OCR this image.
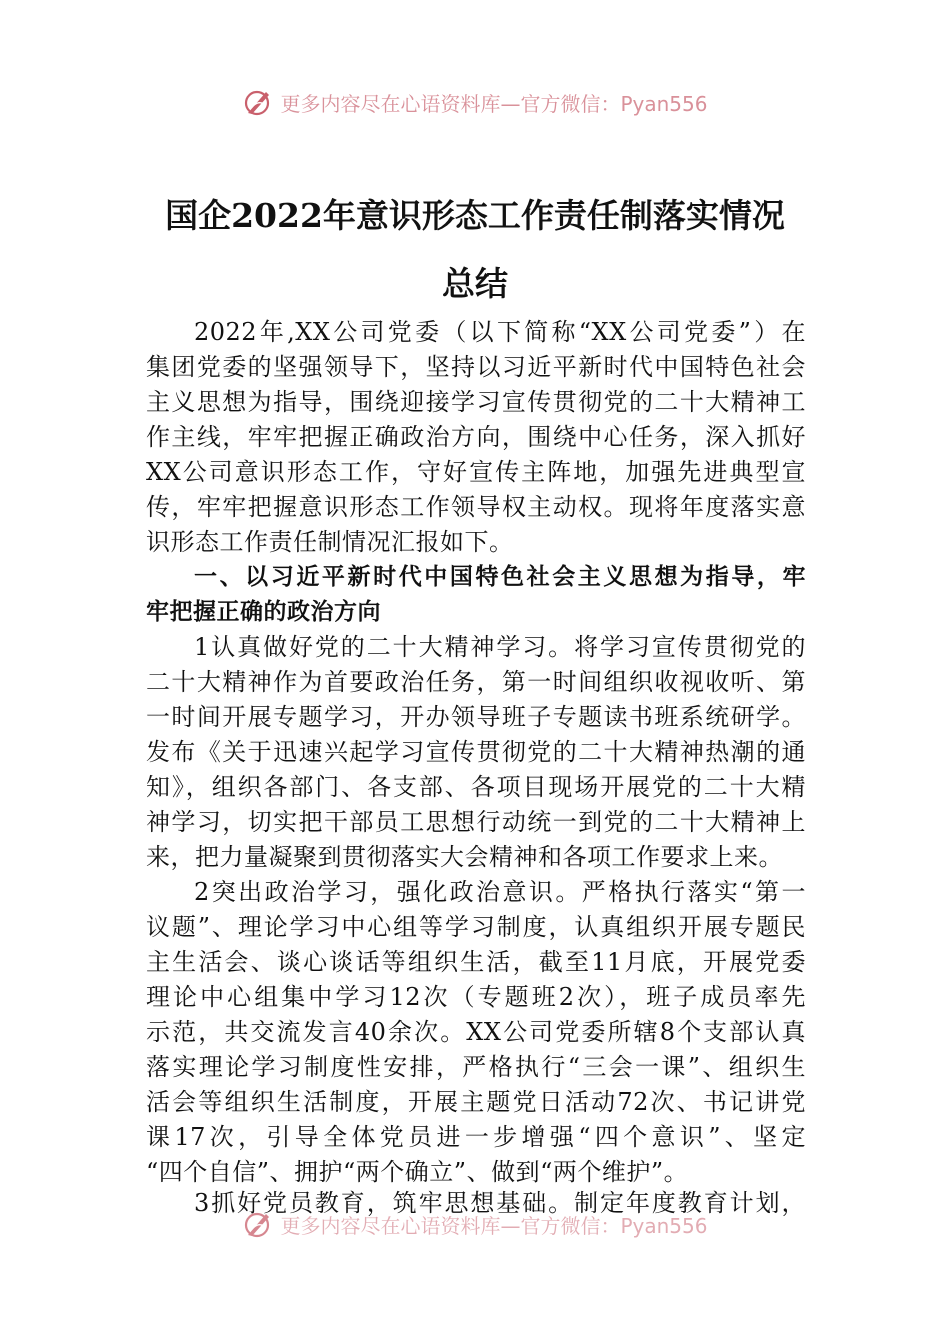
更多内容尽在心语资料库—官方微信：Pyan556
国企2022年意识形态工作责任制落实情况
总结
2022年,XX公司党委（以下简称“XX公司党委”）在
集团党委的坚强领导下，坚持以习近平新时代中国特色社会
主义思想为指导，围绕迎接学习宣传贯彻党的二十大精神工
作主线，牢牢把握正确政治方向，围绕中心任务，深入抓好
XX公司意识形态工作，守好宣传主阵地，加强先进典型宣
传，牢牢把握意识形态工作领导权主动权。现将年度落实意
识形态工作责任制情况汇报如下。
一、以习近平新时代中国特色社会主义思想为指导，牢
牢把握正确的政治方向
1认真做好党的二十大精神学习。将学习宣传贯彻党的
二十大精神作为首要政治任务，第一时间组织收视收听、第
一时间开展专题学习，开办领导班子专题读书班系统研学。
发布《关于迅速兴起学习宣传贯彻党的二十大精神热潮的通
知》，组织各部门、各支部、各项目现场开展党的二十大精
神学习，切实把干部员工思想行动统一到党的二十大精神上
来，把力量凝聚到贯彻落实大会精神和各项工作要求上来。
2突出政治学习，强化政治意识。严格执行落实“第一
议题”、理论学习中心组等学习制度，认真组织开展专题民
主生活会、谈心谈话等组织生活，截至11月底，开展党委
理论中心组集中学习12次（专题班2次），班子成员率先
示范，共交流发言40余次。XX公司党委所辖8个支部认真
落实理论学习制度性安排，严格执行“三会一课”、组织生
活会等组织生活制度，开展主题党日活动72次、书记讲党
课17次，引导全体党员进一步增强“四个意识”、坚定
“四个自信”、拥护“两个确立”、做到“两个维护”。
3抓好党员教育，筑牢思想基础。制定年度教育计划，
更多内容尽在心语资料库—官方微信：Pyan556
